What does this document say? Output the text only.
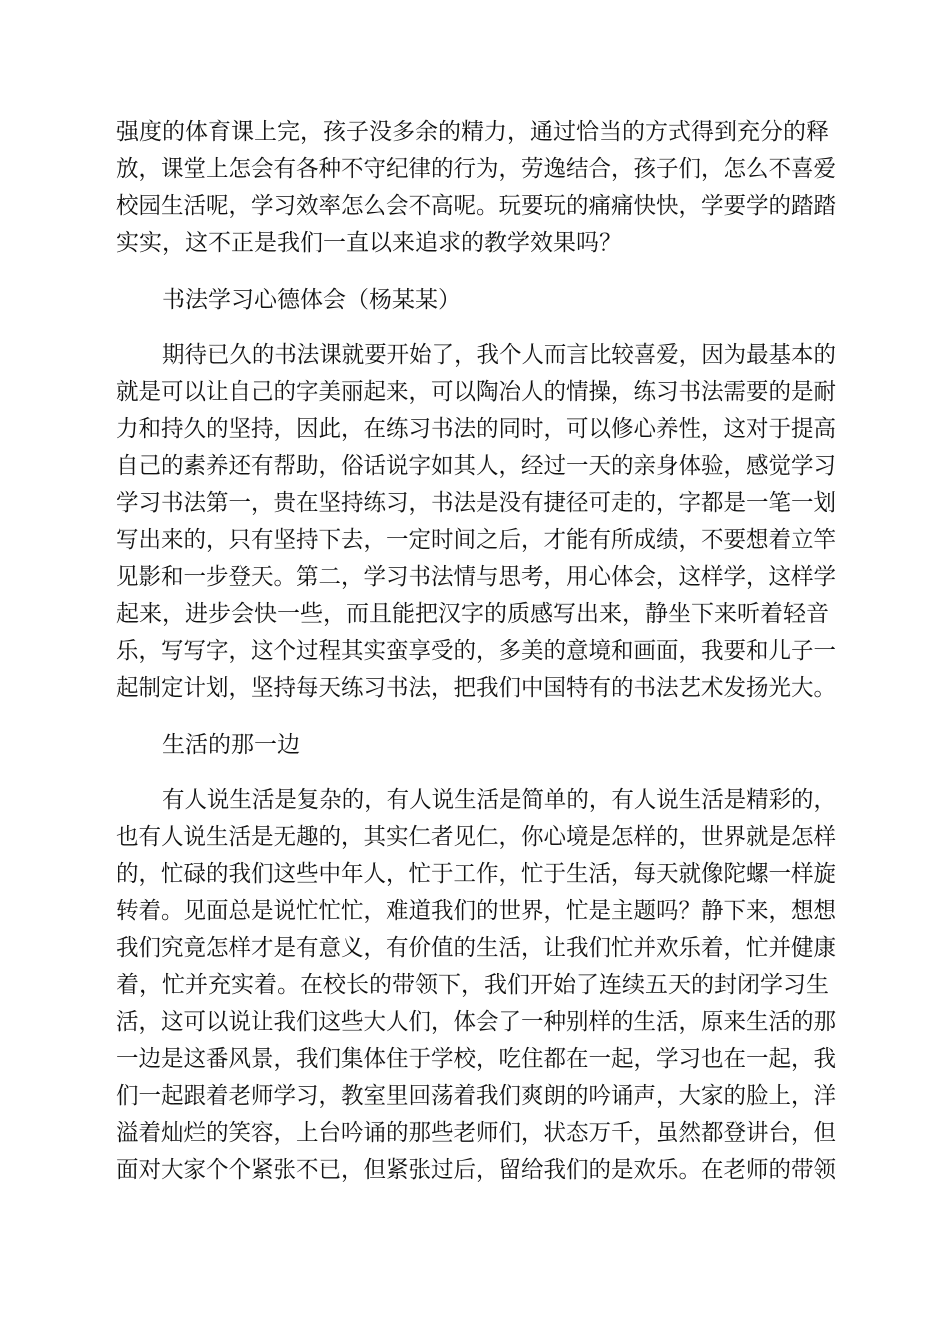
强度的体育课上完，孩子没多余的精力，通过恰当的方式得到充分的释
放，课堂上怎会有各种不守纪律的行为，劳逸结合，孩子们，怎么不喜爱
校园生活呢，学习效率怎么会不高呢。玩要玩的痛痛快快，学要学的踏踏
实实，这不正是我们一直以来追求的教学效果吗？
书法学习心德体会（杨某某）
期待已久的书法课就要开始了，我个人而言比较喜爱，因为最基本的
就是可以让自己的字美丽起来，可以陶冶人的情操，练习书法需要的是耐
力和持久的坚持，因此，在练习书法的同时，可以修心养性，这对于提高
自己的素养还有帮助，俗话说字如其人，经过一天的亲身体验，感觉学习
学习书法第一，贵在坚持练习，书法是没有捷径可走的，字都是一笔一划
写出来的，只有坚持下去，一定时间之后，才能有所成绩，不要想着立竿
见影和一步登天。第二，学习书法情与思考，用心体会，这样学，这样学
起来，进步会快一些，而且能把汉字的质感写出来，静坐下来听着轻音
乐，写写字，这个过程其实蛮享受的，多美的意境和画面，我要和儿子一
起制定计划，坚持每天练习书法，把我们中国特有的书法艺术发扬光大。
生活的那一边
有人说生活是复杂的，有人说生活是简单的，有人说生活是精彩的，
也有人说生活是无趣的，其实仁者见仁，你心境是怎样的，世界就是怎样
的，忙碌的我们这些中年人，忙于工作，忙于生活，每天就像陀螺一样旋
转着。见面总是说忙忙忙，难道我们的世界，忙是主题吗？静下来，想想
我们究竟怎样才是有意义，有价值的生活，让我们忙并欢乐着，忙并健康
着，忙并充实着。在校长的带领下，我们开始了连续五天的封闭学习生
活，这可以说让我们这些大人们，体会了一种别样的生活，原来生活的那
一边是这番风景，我们集体住于学校，吃住都在一起，学习也在一起，我
们一起跟着老师学习，教室里回荡着我们爽朗的吟诵声，大家的脸上，洋
溢着灿烂的笑容，上台吟诵的那些老师们，状态万千，虽然都登讲台，但
面对大家个个紧张不已，但紧张过后，留给我们的是欢乐。在老师的带领
